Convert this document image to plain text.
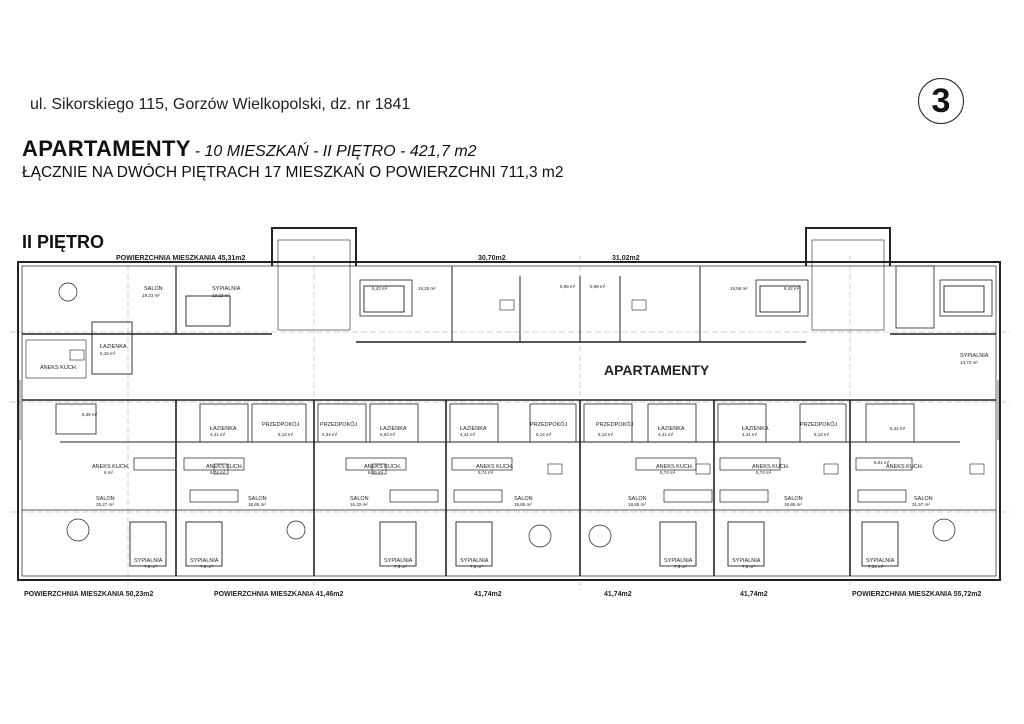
ul. Sikorskiego 115, Gorzów Wielkopolski, dz. nr 1841	3
APARTAMENTY - 10 MIESZKAŃ - II PIĘTRO - 421,7 m2
ŁĄCZNIE NA DWÓCH PIĘTRACH 17 MIESZKAŃ O POWIERZCHNI 711,3 m2
II PIĘTRO
POWIERZCHNIA MIESZKANIA 45,31m2	30,70m2	31,02m2
SALON
19,23 m²
SYPIALNIA
13,22 m²
ŁAZIENKA
5,16 m²
ANEKS KUCH.
6,36 m²
6,42 m²	18,25 m²	5,98 m²	5,98 m²	18,56 m²	6,42 m²
SYPIALNIA
13,72 m²
APARTAMENTY
ŁAZIENKA
4,41 m²
PRZEDPOKÓJ
5,14 m²
PRZEDPOKÓJ
4,34 m²
ŁAZIENKA
5,04 m²
ŁAZIENKA
4,41 m²
PRZEDPOKÓJ
5,14 m²
PRZEDPOKÓJ
5,14 m²
ŁAZIENKA
4,41 m²
ŁAZIENKA
4,41 m²
PRZEDPOKÓJ
5,14 m²
5,42 m²
ANEKS KUCH.
6 m²
ANEKS KUCH.
5,74 m²
ANEKS KUCH.
6,55 m²
ANEKS KUCH.
5,74 m²
ANEKS KUCH.
5,74 m²
ANEKS KUCH.
5,74 m²
ANEKS KUCH.
6,01 m²
SALON
25,27 m²
SALON
18,85 m²
SALON
16,32 m²
SALON
18,85 m²
SALON
18,85 m²
SALON
18,85 m²
SALON
31,57 m²
SYPIALNIA
7,6 m²
SYPIALNIA
7,6 m²
SYPIALNIA
7,6 m²
SYPIALNIA
7,6 m²
SYPIALNIA
7,6 m²
SYPIALNIA
7,6 m²
SYPIALNIA
7,34 m²
POWIERZCHNIA MIESZKANIA 50,23m2	POWIERZCHNIA MIESZKANIA 41,46m2	41,74m2	41,74m2	41,74m2	POWIERZCHNIA MIESZKANIA 55,72m2
